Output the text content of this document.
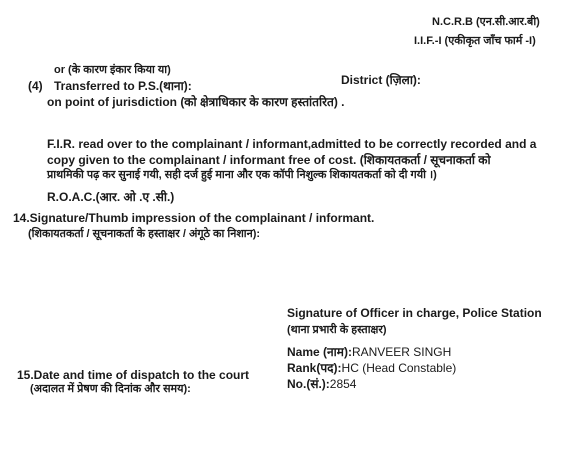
N.C.R.B (एन.सी.आर.बी)
I.I.F.-I (एकीकृत जाँच फार्म -I)
or (के कारण इंकार किया या)
(4) Transferred to P.S.(थाना):	District (ज़िला):
on point of jurisdiction (को क्षेत्राधिकार के कारण हस्तांतरित) .
F.I.R. read over to the complainant / informant,admitted to be correctly recorded and a
copy given to the complainant / informant free of cost. (शिकायतकर्ता / सूचनाकर्ता को
प्राथमिकी पढ़ कर सुनाई गयी, सही दर्ज हुई माना और एक कॉपी निशुल्क शिकायतकर्ता को दी गयी ।)
R.O.A.C.(आर. ओ .ए .सी.)
14.Signature/Thumb impression of the complainant / informant.
(शिकायतकर्ता / सूचनाकर्ता के हस्ताक्षर / अंगूठे का निशान):
Signature of Officer in charge, Police Station
(थाना प्रभारी के हस्ताक्षर)
Name (नाम):RANVEER SINGH
Rank(पद):HC (Head Constable)
No.(सं.):2854
15.Date and time of dispatch to the court
(अदालत में प्रेषण की दिनांक और समय):
